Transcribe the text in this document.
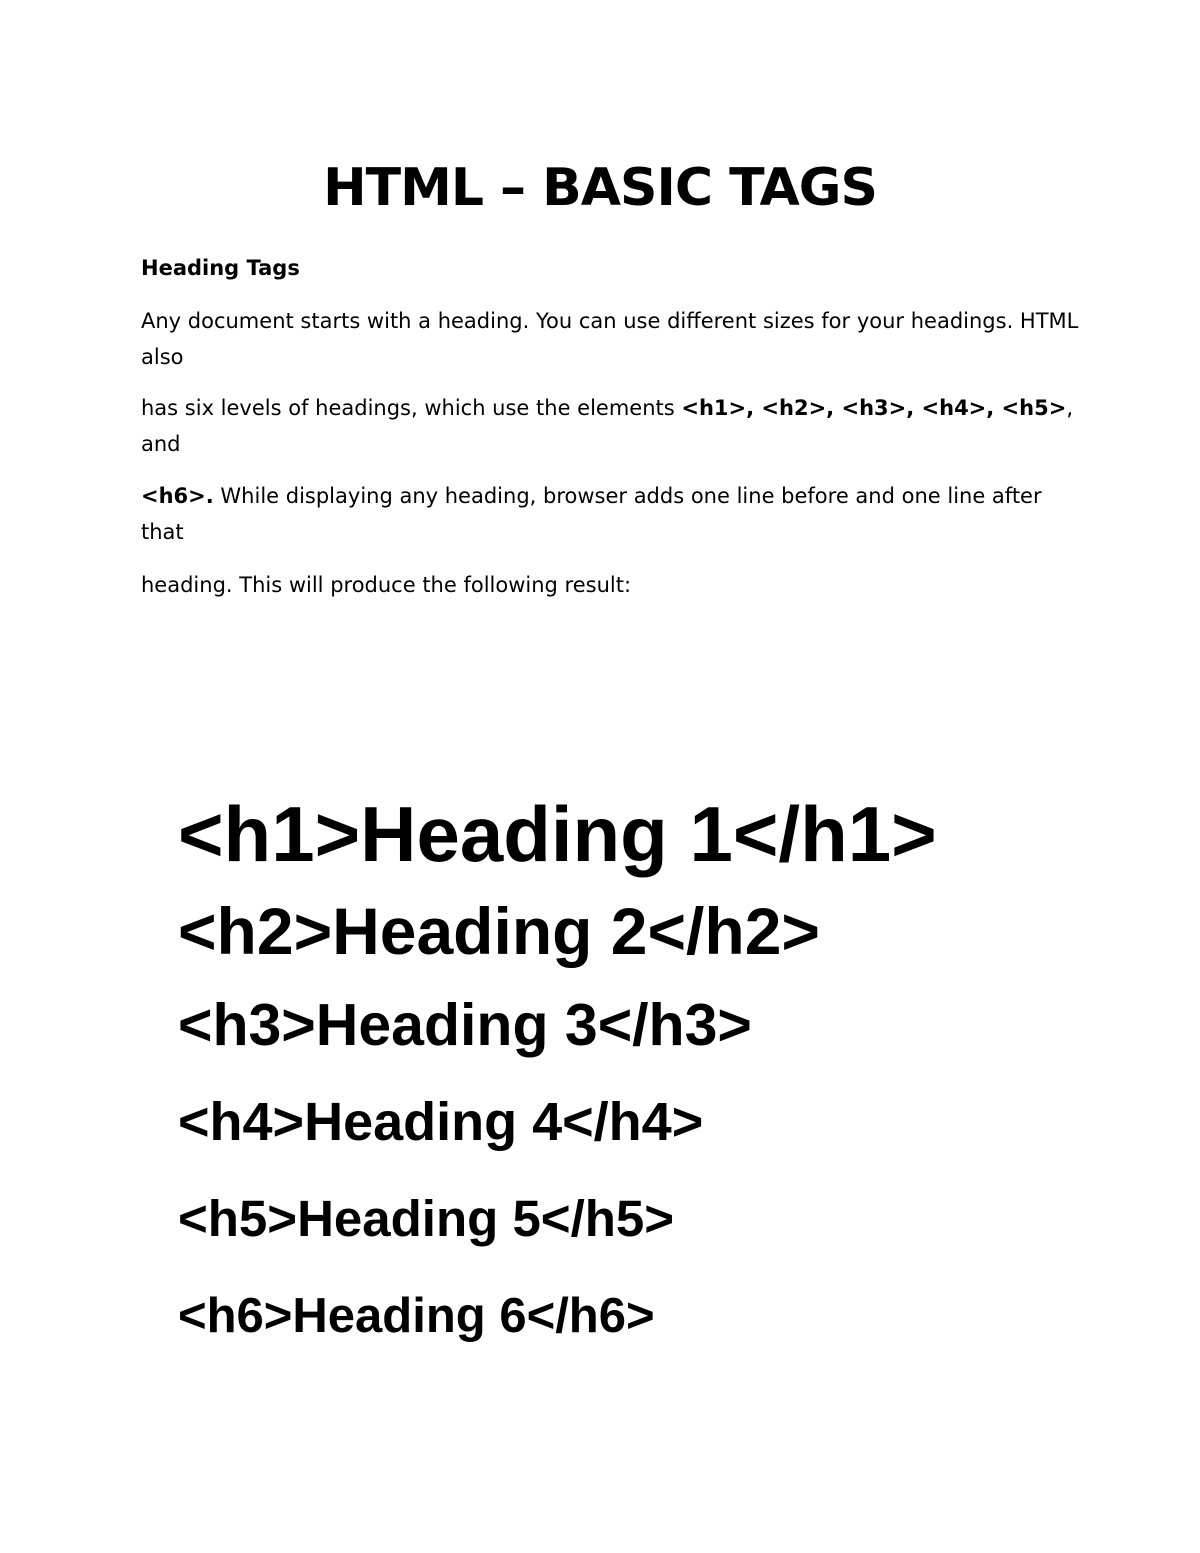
HTML – BASIC TAGS
Heading Tags

Any document starts with a heading. You can use different sizes for your headings. HTML also

has six levels of headings, which use the elements <h1>, <h2>, <h3>, <h4>, <h5>, and

<h6>. While displaying any heading, browser adds one line before and one line after that

heading. This will produce the following result:

<h1>Heading 1</h1>
<h2>Heading 2</h2>
<h3>Heading 3</h3>
<h4>Heading 4</h4>
<h5>Heading 5</h5>
<h6>Heading 6</h6>
